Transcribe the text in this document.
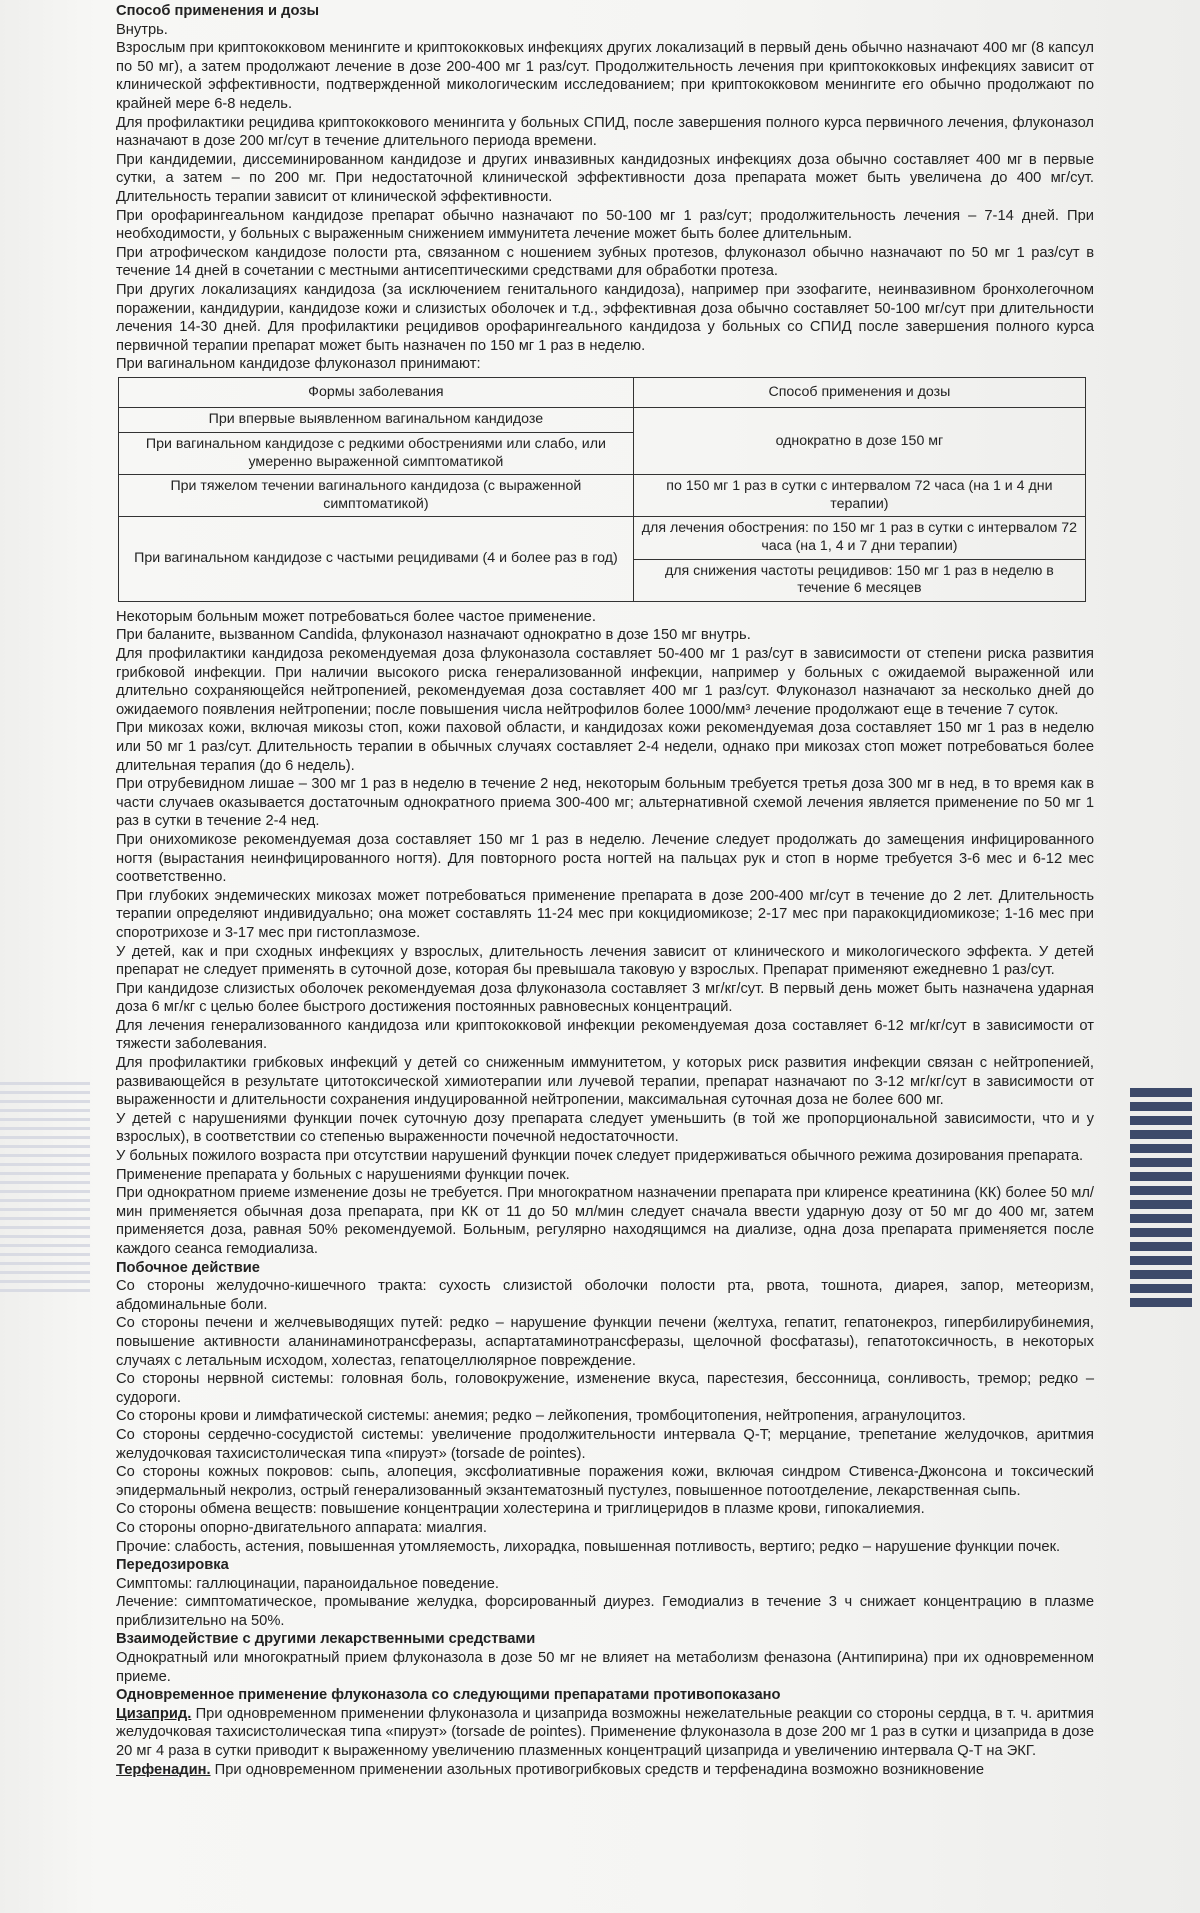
Способ применения и дозы

Внутрь.

Взрослым при криптококковом менингите и криптококковых инфекциях других локализаций в первый день обычно назначают 400 мг (8 капсул по 50 мг), а затем продолжают лечение в дозе 200-400 мг 1 раз/сут. Продолжительность лечения при криптококковых инфекциях зависит от клинической эффективности, подтвержденной микологическим исследованием; при криптококковом менингите его обычно продолжают по крайней мере 6-8 недель.

Для профилактики рецидива криптококкового менингита у больных СПИД, после завершения полного курса первичного лечения, флуконазол назначают в дозе 200 мг/сут в течение длительного периода времени.

При кандидемии, диссеминированном кандидозе и других инвазивных кандидозных инфекциях доза обычно составляет 400 мг в первые сутки, а затем – по 200 мг. При недостаточной клинической эффективности доза препарата может быть увеличена до 400 мг/сут. Длительность терапии зависит от клинической эффективности.

При орофарингеальном кандидозе препарат обычно назначают по 50-100 мг 1 раз/сут; продолжительность лечения – 7-14 дней. При необходимости, у больных с выраженным снижением иммунитета лечение может быть более длительным.

При атрофическом кандидозе полости рта, связанном с ношением зубных протезов, флуконазол обычно назначают по 50 мг 1 раз/сут в течение 14 дней в сочетании с местными антисептическими средствами для обработки протеза.

При других локализациях кандидоза (за исключением генитального кандидоза), например при эзофагите, неинвазивном бронхолегочном поражении, кандидурии, кандидозе кожи и слизистых оболочек и т.д., эффективная доза обычно составляет 50-100 мг/сут при длительности лечения 14-30 дней. Для профилактики рецидивов орофарингеального кандидоза у больных со СПИД после завершения полного курса первичной терапии препарат может быть назначен по 150 мг 1 раз в неделю.

При вагинальном кандидозе флуконазол принимают:

Формы заболевания	Способ применения и дозы
При впервые выявленном вагинальном кандидозе	однократно в дозе 150 мг
При вагинальном кандидозе с редкими обострениями или слабо, или умеренно выраженной симптоматикой	
При тяжелом течении вагинального кандидоза (с выраженной симптоматикой)	по 150 мг 1 раз в сутки с интервалом 72 часа (на 1 и 4 дни терапии)
При вагинальном кандидозе с частыми рецидивами (4 и более раз в год)	для лечения обострения: по 150 мг 1 раз в сутки с интервалом 72 часа (на 1, 4 и 7 дни терапии)
	для снижения частоты рецидивов: 150 мг 1 раз в неделю в течение 6 месяцев

Некоторым больным может потребоваться более частое применение.

При баланите, вызванном Candida, флуконазол назначают однократно в дозе 150 мг внутрь.

Для профилактики кандидоза рекомендуемая доза флуконазола составляет 50-400 мг 1 раз/сут в зависимости от степени риска развития грибковой инфекции. При наличии высокого риска генерализованной инфекции, например у больных с ожидаемой выраженной или длительно сохраняющейся нейтропенией, рекомендуемая доза составляет 400 мг 1 раз/сут. Флуконазол назначают за несколько дней до ожидаемого появления нейтропении; после повышения числа нейтрофилов более 1000/мм³ лечение продолжают еще в течение 7 суток.

При микозах кожи, включая микозы стоп, кожи паховой области, и кандидозах кожи рекомендуемая доза составляет 150 мг 1 раз в неделю или 50 мг 1 раз/сут. Длительность терапии в обычных случаях составляет 2-4 недели, однако при микозах стоп может потребоваться более длительная терапия (до 6 недель).

При отрубевидном лишае – 300 мг 1 раз в неделю в течение 2 нед, некоторым больным требуется третья доза 300 мг в нед, в то время как в части случаев оказывается достаточным однократного приема 300-400 мг; альтернативной схемой лечения является применение по 50 мг 1 раз в сутки в течение 2-4 нед.

При онихомикозе рекомендуемая доза составляет 150 мг 1 раз в неделю. Лечение следует продолжать до замещения инфицированного ногтя (вырастания неинфицированного ногтя). Для повторного роста ногтей на пальцах рук и стоп в норме требуется 3-6 мес и 6-12 мес соответственно.

При глубоких эндемических микозах может потребоваться применение препарата в дозе 200-400 мг/сут в течение до 2 лет. Длительность терапии определяют индивидуально; она может составлять 11-24 мес при кокцидиомикозе; 2-17 мес при паракокцидиомикозе; 1-16 мес при споротрихозе и 3-17 мес при гистоплазмозе.

У детей, как и при сходных инфекциях у взрослых, длительность лечения зависит от клинического и микологического эффекта. У детей препарат не следует применять в суточной дозе, которая бы превышала таковую у взрослых. Препарат применяют ежедневно 1 раз/сут.

При кандидозе слизистых оболочек рекомендуемая доза флуконазола составляет 3 мг/кг/сут. В первый день может быть назначена ударная доза 6 мг/кг с целью более быстрого достижения постоянных равновесных концентраций.

Для лечения генерализованного кандидоза или криптококковой инфекции рекомендуемая доза составляет 6-12 мг/кг/сут в зависимости от тяжести заболевания.

Для профилактики грибковых инфекций у детей со сниженным иммунитетом, у которых риск развития инфекции связан с нейтропенией, развивающейся в результате цитотоксической химиотерапии или лучевой терапии, препарат назначают по 3-12 мг/кг/сут в зависимости от выраженности и длительности сохранения индуцированной нейтропении, максимальная суточная доза не более 600 мг.

У детей с нарушениями функции почек суточную дозу препарата следует уменьшить (в той же пропорциональной зависимости, что и у взрослых), в соответствии со степенью выраженности почечной недостаточности.

У больных пожилого возраста при отсутствии нарушений функции почек следует придерживаться обычного режима дозирования препарата.

Применение препарата у больных с нарушениями функции почек.

При однократном приеме изменение дозы не требуется. При многократном назначении препарата при клиренсе креатинина (КК) более 50 мл/мин применяется обычная доза препарата, при КК от 11 до 50 мл/мин следует сначала ввести ударную дозу от 50 мг до 400 мг, затем применяется доза, равная 50% рекомендуемой. Больным, регулярно находящимся на диализе, одна доза препарата применяется после каждого сеанса гемодиализа.

Побочное действие

Со стороны желудочно-кишечного тракта: сухость слизистой оболочки полости рта, рвота, тошнота, диарея, запор, метеоризм, абдоминальные боли.

Со стороны печени и желчевыводящих путей: редко – нарушение функции печени (желтуха, гепатит, гепатонекроз, гипербилирубинемия, повышение активности аланинаминотрансферазы, аспартатаминотрансферазы, щелочной фосфатазы), гепатотоксичность, в некоторых случаях с летальным исходом, холестаз, гепатоцеллюлярное повреждение.

Со стороны нервной системы: головная боль, головокружение, изменение вкуса, парестезия, бессонница, сонливость, тремор; редко – судороги.

Со стороны крови и лимфатической системы: анемия; редко – лейкопения, тромбоцитопения, нейтропения, агранулоцитоз.

Со стороны сердечно-сосудистой системы: увеличение продолжительности интервала Q-T; мерцание, трепетание желудочков, аритмия желудочковая тахисистолическая типа «пируэт» (torsade de pointes).

Со стороны кожных покровов: сыпь, алопеция, эксфолиативные поражения кожи, включая синдром Стивенса-Джонсона и токсический эпидермальный некролиз, острый генерализованный экзантематозный пустулез, повышенное потоотделение, лекарственная сыпь.

Со стороны обмена веществ: повышение концентрации холестерина и триглицеридов в плазме крови, гипокалиемия.

Со стороны опорно-двигательного аппарата: миалгия.

Прочие: слабость, астения, повышенная утомляемость, лихорадка, повышенная потливость, вертиго; редко – нарушение функции почек.

Передозировка

Симптомы: галлюцинации, параноидальное поведение.

Лечение: симптоматическое, промывание желудка, форсированный диурез. Гемодиализ в течение 3 ч снижает концентрацию в плазме приблизительно на 50%.

Взаимодействие с другими лекарственными средствами

Однократный или многократный прием флуконазола в дозе 50 мг не влияет на метаболизм феназона (Антипирина) при их одновременном приеме.

Одновременное применение флуконазола со следующими препаратами противопоказано

Цизаприд. При одновременном применении флуконазола и цизаприда возможны нежелательные реакции со стороны сердца, в т. ч. аритмия желудочковая тахисистолическая типа «пируэт» (torsade de pointes). Применение флуконазола в дозе 200 мг 1 раз в сутки и цизаприда в дозе 20 мг 4 раза в сутки приводит к выраженному увеличению плазменных концентраций цизаприда и увеличению интервала Q-T на ЭКГ.

Терфенадин. При одновременном применении азольных противогрибковых средств и терфенадина возможно возникновение
